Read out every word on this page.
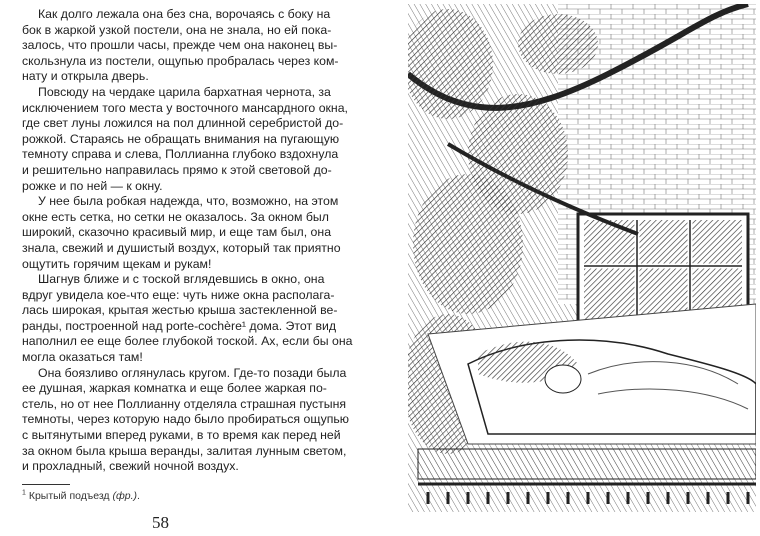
Как долго лежала она без сна, ворочаясь с боку на
бок в жаркой узкой постели, она не знала, но ей пока-
залось, что прошли часы, прежде чем она наконец вы-
скользнула из постели, ощупью пробралась через ком-
нату и открыла дверь.
Повсюду на чердаке царила бархатная чернота, за
исключением того места у восточного мансардного окна,
где свет луны ложился на пол длинной серебристой до-
рожкой. Стараясь не обращать внимания на пугающую
темноту справа и слева, Поллианна глубоко вздохнула
и решительно направилась прямо к этой световой до-
рожке и по ней — к окну.
У нее была робкая надежда, что, возможно, на этом
окне есть сетка, но сетки не оказалось. За окном был
широкий, сказочно красивый мир, и еще там был, она
знала, свежий и душистый воздух, который так приятно
ощутить горячим щекам и рукам!
Шагнув ближе и с тоской вглядевшись в окно, она
вдруг увидела кое-что еще: чуть ниже окна располага-
лась широкая, крытая жестью крыша застекленной ве-
ранды, построенной над porte-cochère¹ дома. Этот вид
наполнил ее еще более глубокой тоской. Ах, если бы она
могла оказаться там!
Она боязливо оглянулась кругом. Где-то позади была
ее душная, жаркая комнатка и еще более жаркая по-
стель, но от нее Поллианну отделяла страшная пустыня
темноты, через которую надо было пробираться ощупью
с вытянутыми вперед руками, в то время как перед ней
за окном была крыша веранды, залитая лунным светом,
и прохладный, свежий ночной воздух.
$^1$ Крытый подъезд (фр.).
58
